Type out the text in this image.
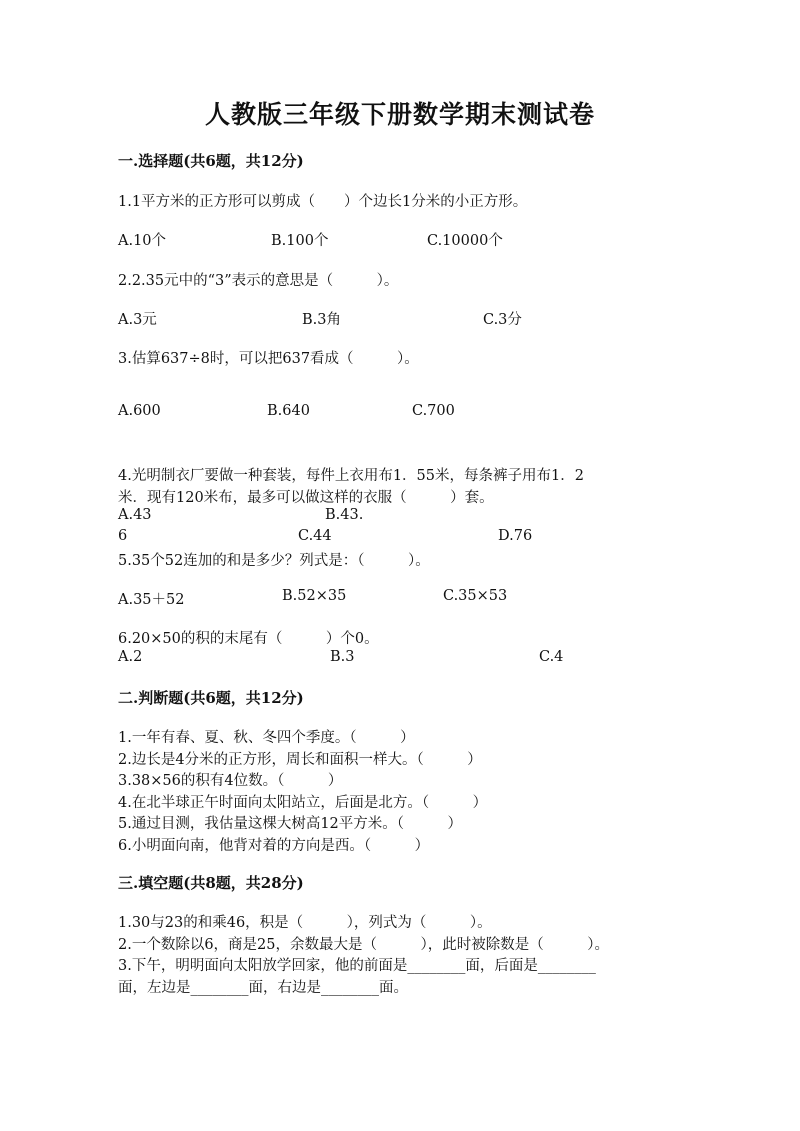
人教版三年级下册数学期末测试卷
一.选择题(共6题，共12分)
1.1平方米的正方形可以剪成（　　）个边长1分米的小正方形。
A.10个	B.100个	C.10000个
2.2.35元中的“3”表示的意思是（　　　）。
A.3元	B.3角	C.3分
3.估算637÷8时，可以把637看成（　　　）。
A.600	B.640	C.700
4.光明制衣厂要做一种套装，每件上衣用布1．55米，每条裤子用布1．2
米．现有120米布，最多可以做这样的衣服（　　　）套。
A.43	B.43.
6	C.44	D.76
5.35个52连加的和是多少？列式是：（　　　）。
A.35＋52	B.52×35	C.35×53
6.20×50的积的末尾有（　　　）个0。
A.2	B.3	C.4
二.判断题(共6题，共12分)
1.一年有春、夏、秋、冬四个季度。（　　　）
2.边长是4分米的正方形，周长和面积一样大。（　　　）
3.38×56的积有4位数。（　　　）
4.在北半球正午时面向太阳站立，后面是北方。（　　　）
5.通过目测，我估量这棵大树高12平方米。（　　　）
6.小明面向南，他背对着的方向是西。（　　　）
三.填空题(共8题，共28分)
1.30与23的和乘46，积是（　　　），列式为（　　　）。
2.一个数除以6，商是25，余数最大是（　　　），此时被除数是（　　　）。
3.下午，明明面向太阳放学回家，他的前面是________面，后面是________
面，左边是________面，右边是________面。
